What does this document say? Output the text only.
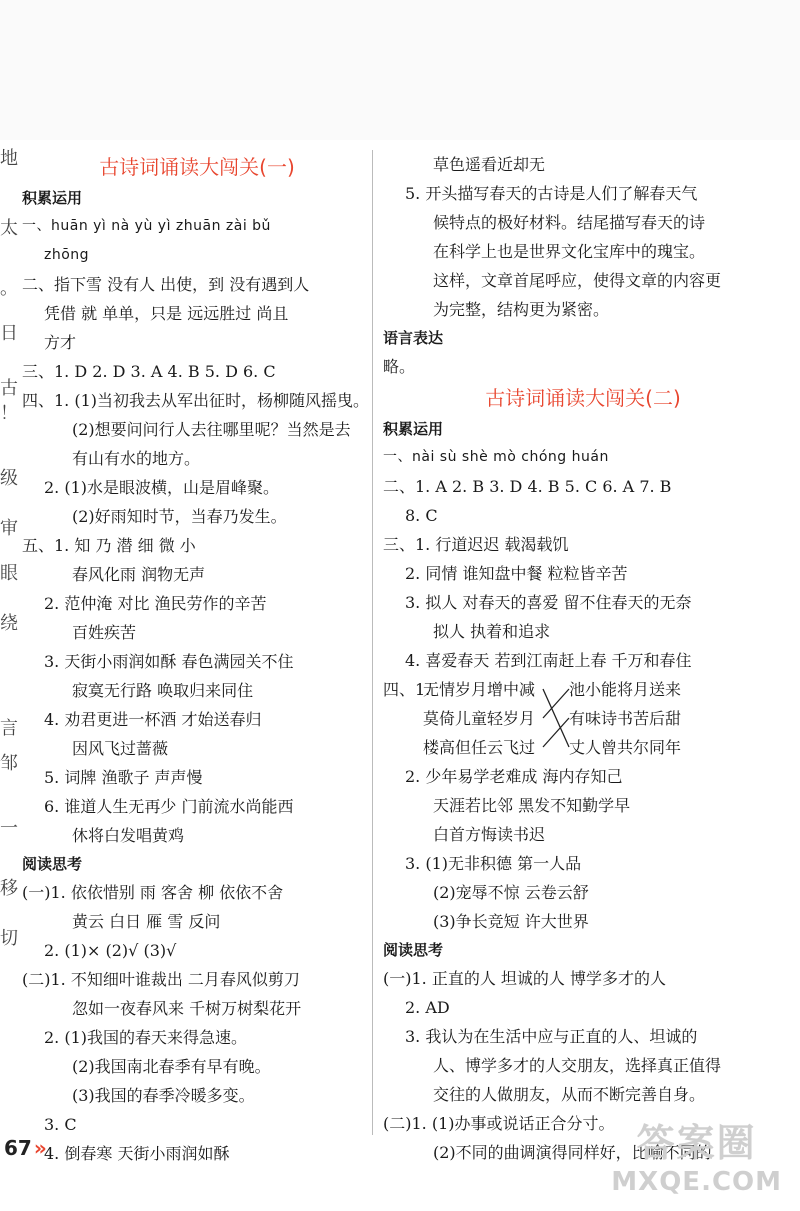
地
太
。
日
古
！
级
审
眼
绕
言
邹
一
移
切
古诗词诵读大闯关(一)
积累运用
一、huān yì nà yù yì zhuān zài bǔ
zhōng
二、指下雪 没有人 出使，到 没有遇到人
凭借 就 单单，只是 远远胜过 尚且
方才
三、1. D 2. D 3. A 4. B 5. D 6. C
四、1. (1)当初我去从军出征时，杨柳随风摇曳。
(2)想要问问行人去往哪里呢？当然是去
有山有水的地方。
2. (1)水是眼波横，山是眉峰聚。
(2)好雨知时节，当春乃发生。
五、1. 知 乃 潜 细 微 小
春风化雨 润物无声
2. 范仲淹 对比 渔民劳作的辛苦
百姓疾苦
3. 天街小雨润如酥 春色满园关不住
寂寞无行路 唤取归来同住
4. 劝君更进一杯酒 才始送春归
因风飞过蔷薇
5. 词牌 渔歌子 声声慢
6. 谁道人生无再少 门前流水尚能西
休将白发唱黄鸡
阅读思考
(一)1. 依依惜别 雨 客舍 柳 依依不舍
黄云 白日 雁 雪 反问
2. (1)× (2)√ (3)√
(二)1. 不知细叶谁裁出 二月春风似剪刀
忽如一夜春风来 千树万树梨花开
2. (1)我国的春天来得急速。
(2)我国南北春季有早有晚。
(3)我国的春季冷暖多变。
3. C
4. 倒春寒 天街小雨润如酥
草色遥看近却无
5. 开头描写春天的古诗是人们了解春天气
候特点的极好材料。结尾描写春天的诗
在科学上也是世界文化宝库中的瑰宝。
这样，文章首尾呼应，使得文章的内容更
为完整，结构更为紧密。
语言表达
略。
古诗词诵读大闯关(二)
积累运用
一、nài sù shè mò chóng huán
二、1. A 2. B 3. D 4. B 5. C 6. A 7. B
8. C
三、1. 行道迟迟 载渴载饥
2. 同情 谁知盘中餐 粒粒皆辛苦
3. 拟人 对春天的喜爱 留不住春天的无奈
拟人 执着和追求
4. 喜爱春天 若到江南赶上春 千万和春住
四、1.
无情岁月增中减
莫倚儿童轻岁月
楼高但任云飞过
池小能将月送来
有味诗书苦后甜
丈人曾共尔同年
2. 少年易学老难成 海内存知己
天涯若比邻 黑发不知勤学早
白首方悔读书迟
3. (1)无非积德 第一人品
(2)宠辱不惊 云卷云舒
(3)争长竞短 许大世界
阅读思考
(一)1. 正直的人 坦诚的人 博学多才的人
2. AD
3. 我认为在生活中应与正直的人、坦诚的
人、博学多才的人交朋友，选择真正值得
交往的人做朋友，从而不断完善自身。
(二)1. (1)办事或说话正合分寸。
(2)不同的曲调演得同样好，比喻不同的
67 »	答案圈
MXQE.COM
